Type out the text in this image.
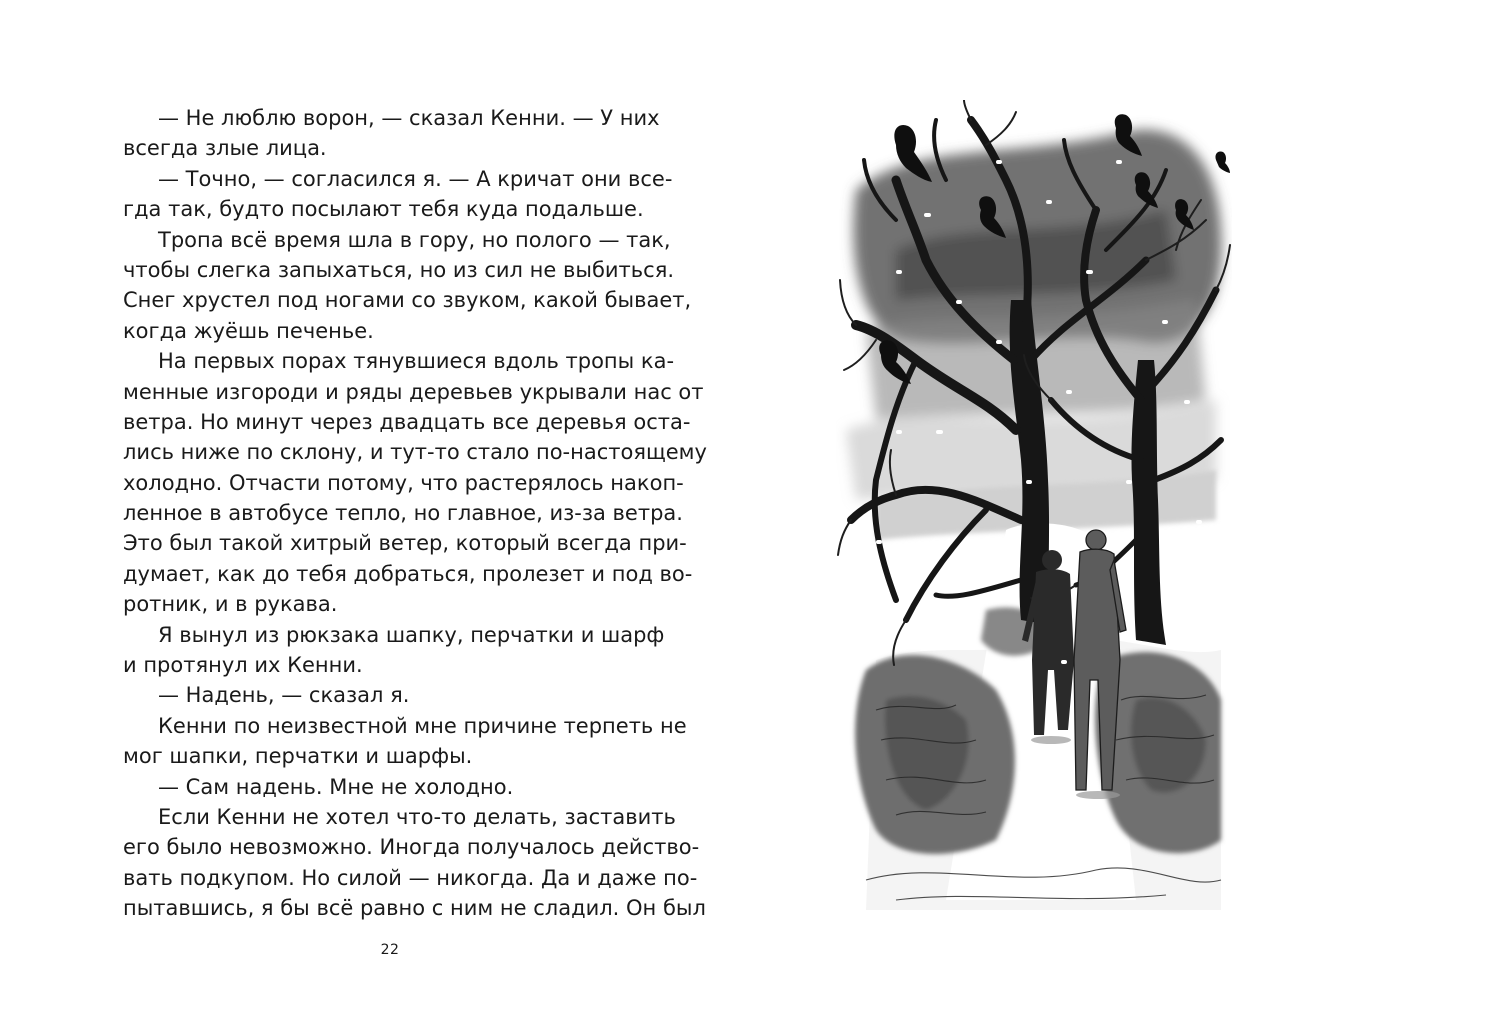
— Не люблю ворон, — сказал Кенни. — У них
всегда злые лица.
— Точно, — согласился я. — А кричат они все-
гда так, будто посылают тебя куда подальше.
Тропа всё время шла в гору, но полого — так,
чтобы слегка запыхаться, но из сил не выбиться.
Снег хрустел под ногами со звуком, какой бывает,
когда жуёшь печенье.
На первых порах тянувшиеся вдоль тропы ка-
менные изгороди и ряды деревьев укрывали нас от
ветра. Но минут через двадцать все деревья оста-
лись ниже по склону, и тут-то стало по-настоящему
холодно. Отчасти потому, что растерялось накоп-
ленное в автобусе тепло, но главное, из-за ветра.
Это был такой хитрый ветер, который всегда при-
думает, как до тебя добраться, пролезет и под во-
ротник, и в рукава.
Я вынул из рюкзака шапку, перчатки и шарф
и протянул их Кенни.
— Надень, — сказал я.
Кенни по неизвестной мне причине терпеть не
мог шапки, перчатки и шарфы.
— Сам надень. Мне не холодно.
Если Кенни не хотел что-то делать, заставить
его было невозможно. Иногда получалось действо-
вать подкупом. Но силой — никогда. Да и даже по-
пытавшись, я бы всё равно с ним не сладил. Он был
22
